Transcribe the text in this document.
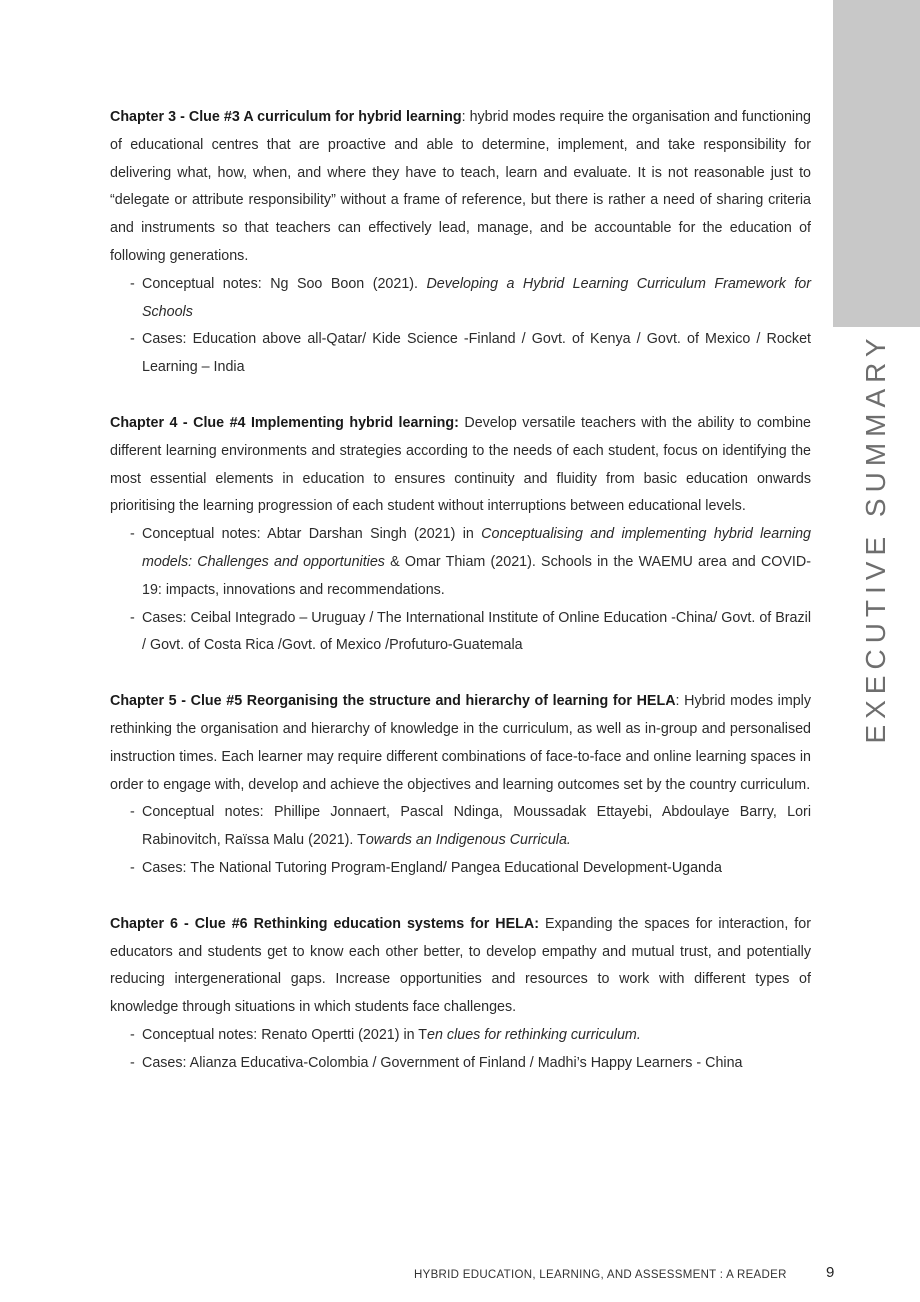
EXECUTIVE SUMMARY

Chapter 3 - Clue #3 A curriculum for hybrid learning: hybrid modes require the organisation and functioning of educational centres that are proactive and able to determine, implement, and take responsibility for delivering what, how, when, and where they have to teach, learn and evaluate. It is not reasonable just to “delegate or attribute responsibility” without a frame of reference, but there is rather a need of sharing criteria and instruments so that teachers can effectively lead, manage, and be accountable for the education of following generations.

- Conceptual notes: Ng Soo Boon (2021). Developing a Hybrid Learning Curriculum Framework for Schools
- Cases: Education above all-Qatar/ Kide Science -Finland / Govt. of Kenya / Govt. of Mexico / Rocket Learning – India

Chapter 4 - Clue #4 Implementing hybrid learning: Develop versatile teachers with the ability to combine different learning environments and strategies according to the needs of each student, focus on identifying the most essential elements in education to ensures continuity and fluidity from basic education onwards prioritising the learning progression of each student without interruptions between educational levels.

- Conceptual notes: Abtar Darshan Singh (2021) in Conceptualising and implementing hybrid learning models: Challenges and opportunities & Omar Thiam (2021). Schools in the WAEMU area and COVID-19: impacts, innovations and recommendations.
- Cases: Ceibal Integrado – Uruguay / The International Institute of Online Education -China/ Govt. of Brazil / Govt. of Costa Rica /Govt. of Mexico /Profuturo-Guatemala

Chapter 5 - Clue #5 Reorganising the structure and hierarchy of learning for HELA: Hybrid modes imply rethinking the organisation and hierarchy of knowledge in the curriculum, as well as in-group and personalised instruction times. Each learner may require different combinations of face-to-face and online learning spaces in order to engage with, develop and achieve the objectives and learning outcomes set by the country curriculum.

- Conceptual notes: Phillipe Jonnaert, Pascal Ndinga, Moussadak Ettayebi, Abdoulaye Barry, Lori Rabinovitch, Raïssa Malu (2021). Towards an Indigenous Curricula.
- Cases: The National Tutoring Program-England/ Pangea Educational Development-Uganda

Chapter 6 - Clue #6 Rethinking education systems for HELA: Expanding the spaces for interaction, for educators and students get to know each other better, to develop empathy and mutual trust, and potentially reducing intergenerational gaps. Increase opportunities and resources to work with different types of knowledge through situations in which students face challenges.

- Conceptual notes: Renato Opertti (2021) in Ten clues for rethinking curriculum.
- Cases: Alianza Educativa-Colombia / Government of Finland / Madhi’s Happy Learners - China
HYBRID EDUCATION, LEARNING, AND ASSESSMENT : A READER	9
